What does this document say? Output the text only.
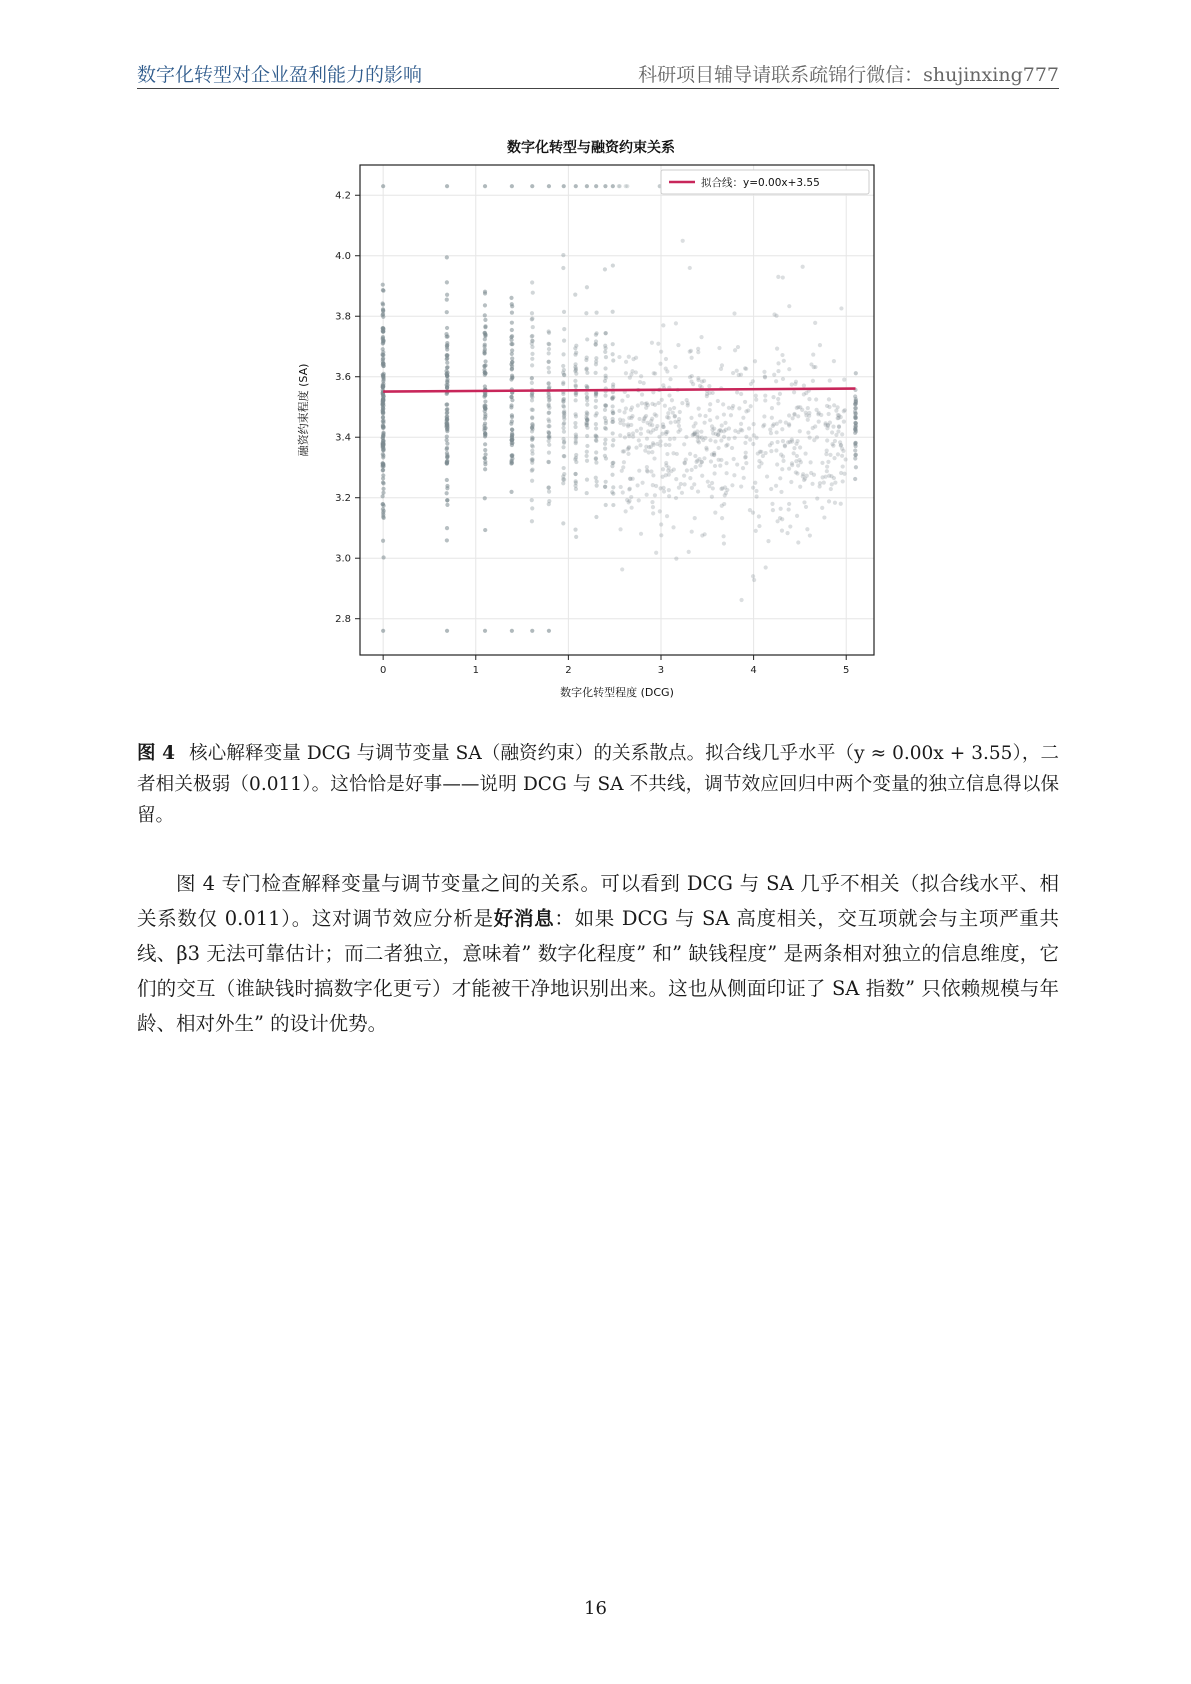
数字化转型对企业盈利能力的影响	科研项目辅导请联系疏锦行微信：shujinxing777
数字化转型与融资约束关系
0	1	2	3	4	5
2.8
3.0
3.2
3.4
3.6
3.8
4.0
4.2
拟合线：y=0.00x+3.55
数字化转型程度 (DCG)
融资约束程度 (SA)
图 4 核心解释变量 DCG 与调节变量 SA（融资约束）的关系散点。拟合线几乎水平（y ≈ 0.00x + 3.55），二者相关极弱（0.011）。这恰恰是好事——说明 DCG 与 SA 不共线，调节效应回归中两个变量的独立信息得以保留。

图 4 专门检查解释变量与调节变量之间的关系。可以看到 DCG 与 SA 几乎不相关（拟合线水平、相关系数仅 0.011）。这对调节效应分析是好消息：如果 DCG 与 SA 高度相关，交互项就会与主项严重共线、β3 无法可靠估计；而二者独立，意味着” 数字化程度” 和” 缺钱程度” 是两条相对独立的信息维度，它们的交互（谁缺钱时搞数字化更亏）才能被干净地识别出来。这也从侧面印证了 SA 指数” 只依赖规模与年龄、相对外生” 的设计优势。

16
